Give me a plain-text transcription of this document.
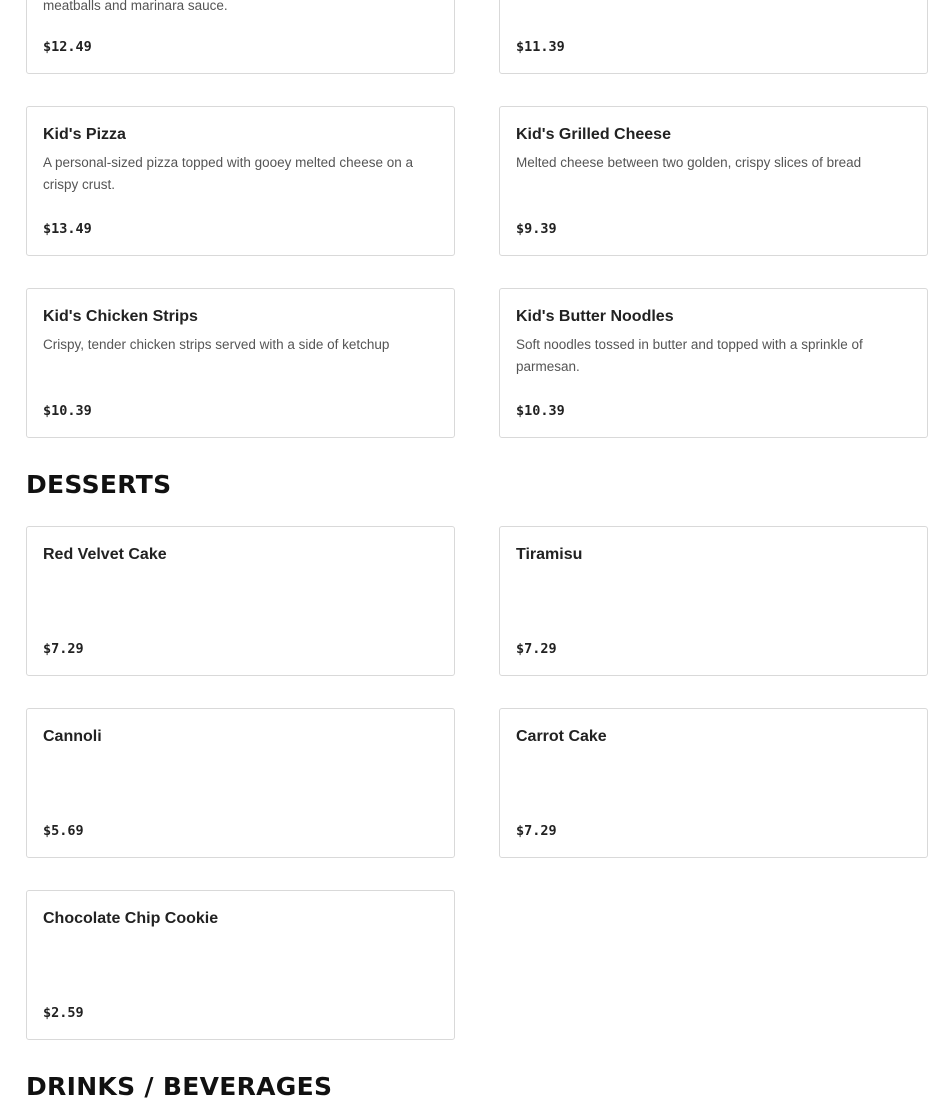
meatballs and marinara sauce.
$12.49	$11.39
Kid's Pizza
A personal-sized pizza topped with gooey melted cheese on a crispy crust.
$13.49
Kid's Grilled Cheese
Melted cheese between two golden, crispy slices of bread
$9.39
Kid's Chicken Strips
Crispy, tender chicken strips served with a side of ketchup
$10.39
Kid's Butter Noodles
Soft noodles tossed in butter and topped with a sprinkle of parmesan.
$10.39
DESSERTS
Red Velvet Cake
$7.29
Tiramisu
$7.29
Cannoli
$5.69
Carrot Cake
$7.29
Chocolate Chip Cookie
$2.59
DRINKS / BEVERAGES
